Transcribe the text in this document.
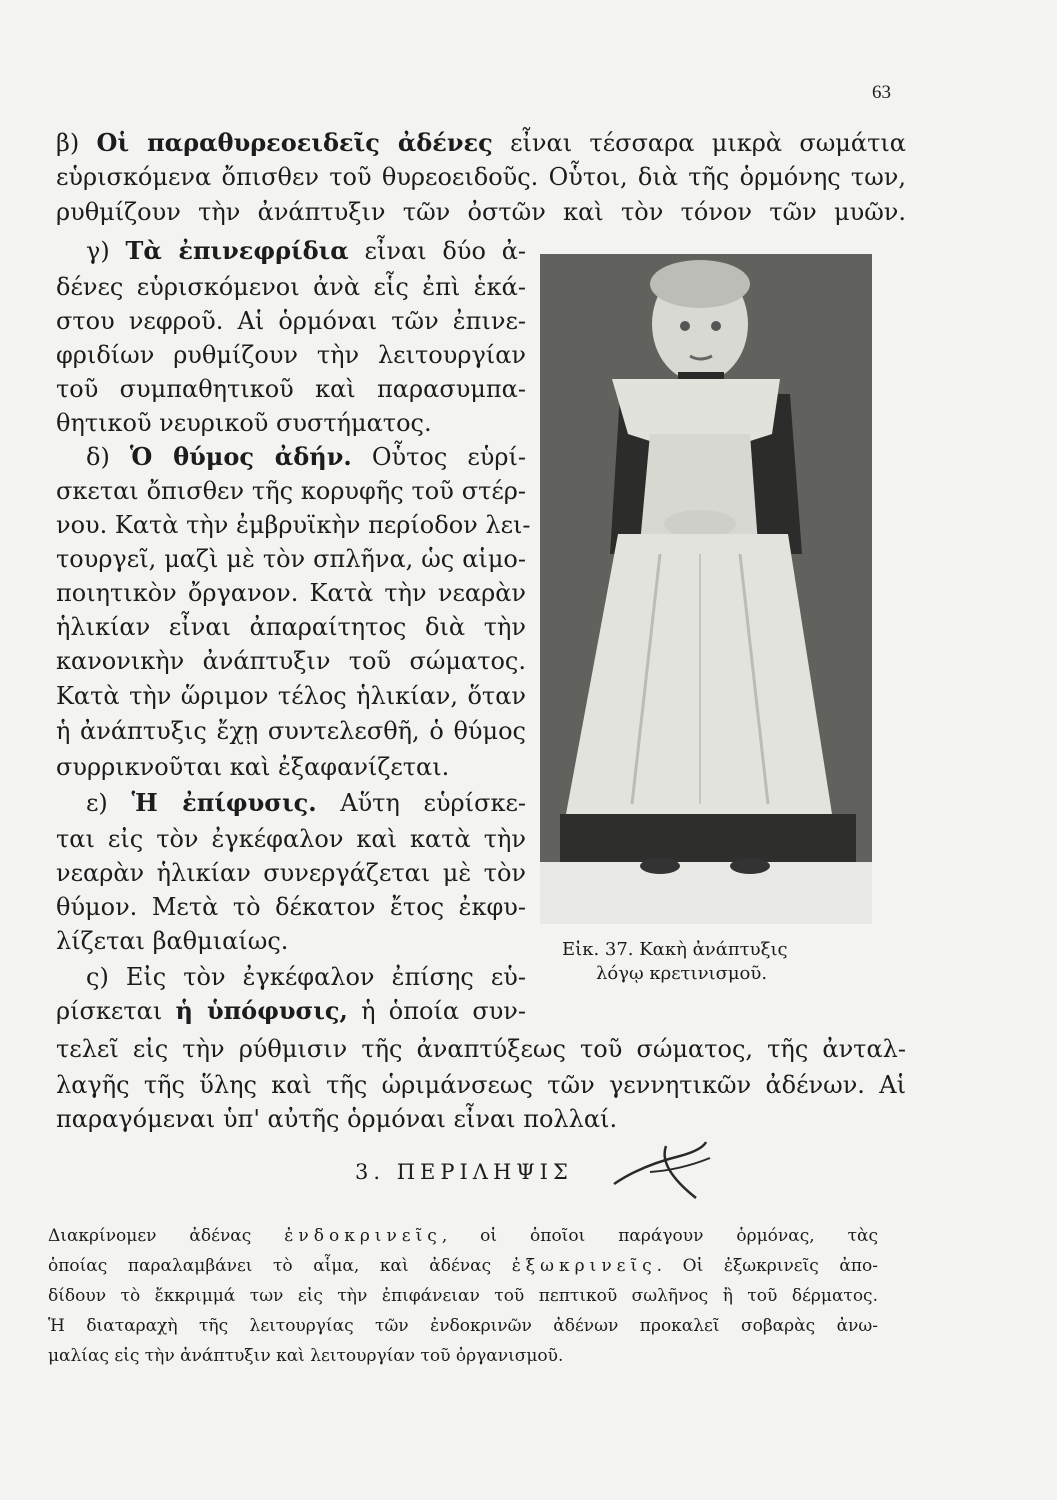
63
β) Οἱ παραθυρεοειδεῖς ἀδένες εἶναι τέσσαρα μικρὰ σωμάτια
εὑρισκόμενα ὄπισθεν τοῦ θυρεοειδοῦς. Οὗτοι, διὰ τῆς ὁρμόνης των,
ρυθμίζουν τὴν ἀνάπτυξιν τῶν ὀστῶν καὶ τὸν τόνον τῶν μυῶν.
γ) Τὰ ἐπινεφρίδια εἶναι δύο ἀ-
δένες εὑρισκόμενοι ἀνὰ εἷς ἐπὶ ἑκά-
στου νεφροῦ. Αἱ ὁρμόναι τῶν ἐπινε-
φριδίων ρυθμίζουν τὴν λειτουργίαν
τοῦ συμπαθητικοῦ καὶ παρασυμπα-
θητικοῦ νευρικοῦ συστήματος.
δ) Ὁ θύμος ἀδήν. Οὗτος εὑρί-
σκεται ὄπισθεν τῆς κορυφῆς τοῦ στέρ-
νου. Κατὰ τὴν ἐμβρυϊκὴν περίοδον λει-
τουργεῖ, μαζὶ μὲ τὸν σπλῆνα, ὡς αἱμο-
ποιητικὸν ὄργανον. Κατὰ τὴν νεαρὰν
ἡλικίαν εἶναι ἀπαραίτητος διὰ τὴν
κανονικὴν ἀνάπτυξιν τοῦ σώματος.
Κατὰ τὴν ὥριμον τέλος ἡλικίαν, ὅταν
ἡ ἀνάπτυξις ἔχῃ συντελεσθῆ, ὁ θύμος
συρρικνοῦται καὶ ἐξαφανίζεται.
ε) Ἡ ἐπίφυσις. Αὕτη εὑρίσκε-
ται εἰς τὸν ἐγκέφαλον καὶ κατὰ τὴν
νεαρὰν ἡλικίαν συνεργάζεται μὲ τὸν
θύμον. Μετὰ τὸ δέκατον ἔτος ἐκφυ-
λίζεται βαθμιαίως.
ς) Εἰς τὸν ἐγκέφαλον ἐπίσης εὑ-
ρίσκεται ἡ ὑπόφυσις, ἡ ὁποία συν-
τελεῖ εἰς τὴν ρύθμισιν τῆς ἀναπτύξεως τοῦ σώματος, τῆς ἀνταλ-
λαγῆς τῆς ὕλης καὶ τῆς ὡριμάνσεως τῶν γεννητικῶν ἀδένων. Αἱ
παραγόμεναι ὑπ' αὐτῆς ὁρμόναι εἶναι πολλαί.
Εἰκ. 37. Κακὴ ἀνάπτυξις
λόγῳ κρετινισμοῦ.
3. ΠΕΡΙΛΗΨΙΣ
Διακρίνομεν ἀδένας ἐνδοκρινεῖς, οἱ ὁποῖοι παράγουν ὁρμόνας, τὰς
ὁποίας παραλαμβάνει τὸ αἷμα, καὶ ἀδένας ἐξωκρινεῖς. Οἱ ἐξωκρινεῖς ἀπο-
δίδουν τὸ ἔκκριμμά των εἰς τὴν ἐπιφάνειαν τοῦ πεπτικοῦ σωλῆνος ἢ τοῦ δέρματος.
Ἡ διαταραχὴ τῆς λειτουργίας τῶν ἐνδοκρινῶν ἀδένων προκαλεῖ σοβαρὰς ἀνω-
μαλίας εἰς τὴν ἀνάπτυξιν καὶ λειτουργίαν τοῦ ὀργανισμοῦ.
